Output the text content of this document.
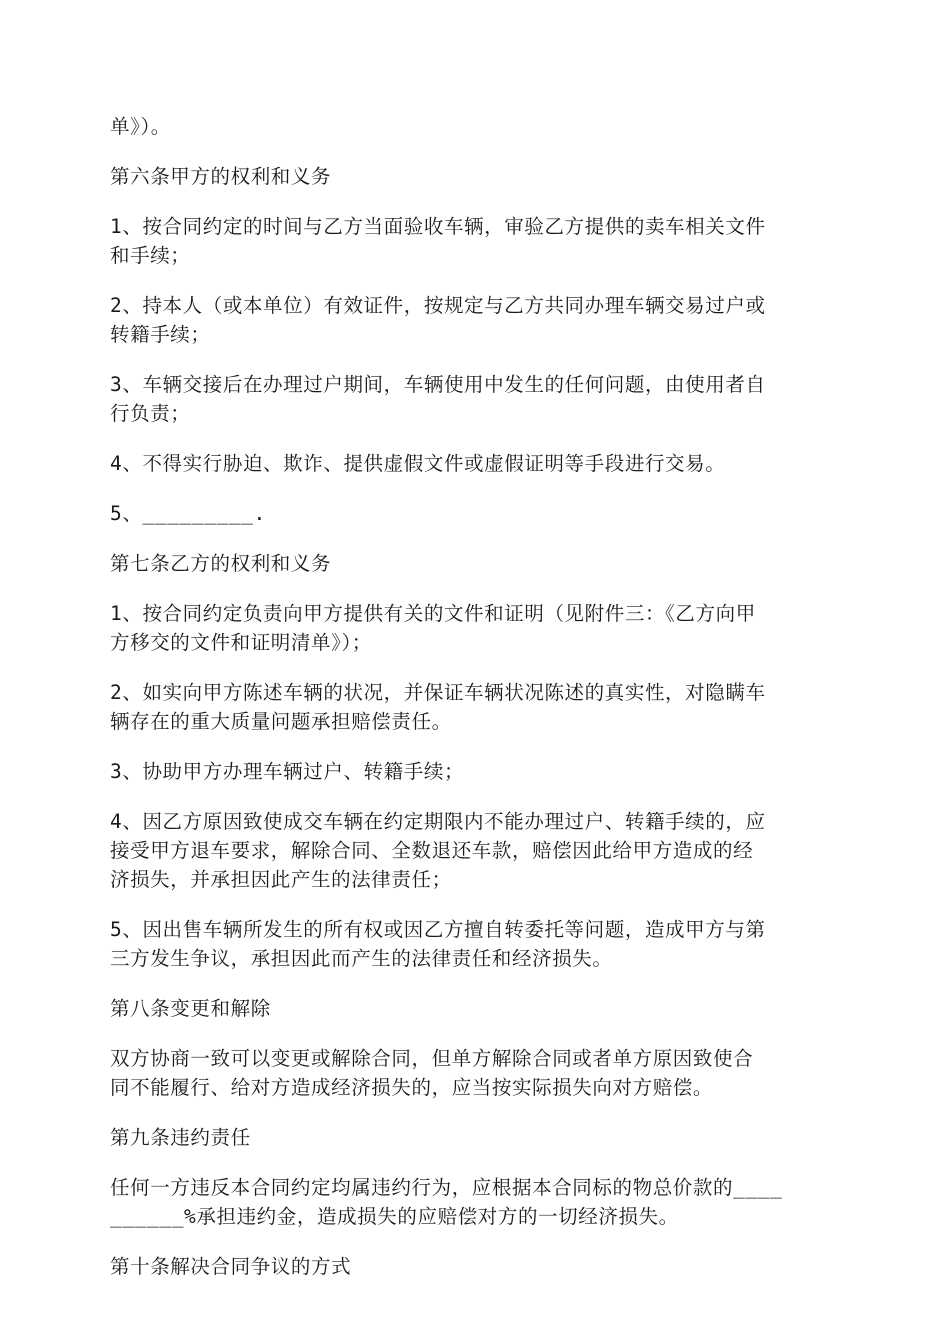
单》）。

第六条甲方的权利和义务

1、按合同约定的时间与乙方当面验收车辆，审验乙方提供的卖车相关文件
和手续；

2、持本人（或本单位）有效证件，按规定与乙方共同办理车辆交易过户或
转籍手续；

3、车辆交接后在办理过户期间，车辆使用中发生的任何问题，由使用者自
行负责；

4、不得实行胁迫、欺诈、提供虚假文件或虚假证明等手段进行交易。

5、_________.

第七条乙方的权利和义务

1、按合同约定负责向甲方提供有关的文件和证明（见附件三：《乙方向甲
方移交的文件和证明清单》）；

2、如实向甲方陈述车辆的状况，并保证车辆状况陈述的真实性，对隐瞒车
辆存在的重大质量问题承担赔偿责任。

3、协助甲方办理车辆过户、转籍手续；

4、因乙方原因致使成交车辆在约定期限内不能办理过户、转籍手续的，应
接受甲方退车要求，解除合同、全数退还车款，赔偿因此给甲方造成的经
济损失，并承担因此产生的法律责任；

5、因出售车辆所发生的所有权或因乙方擅自转委托等问题，造成甲方与第
三方发生争议，承担因此而产生的法律责任和经济损失。

第八条变更和解除

双方协商一致可以变更或解除合同，但单方解除合同或者单方原因致使合
同不能履行、给对方造成经济损失的，应当按实际损失向对方赔偿。

第九条违约责任

任何一方违反本合同约定均属违约行为，应根据本合同标的物总价款的____
______%承担违约金，造成损失的应赔偿对方的一切经济损失。

第十条解决合同争议的方式
